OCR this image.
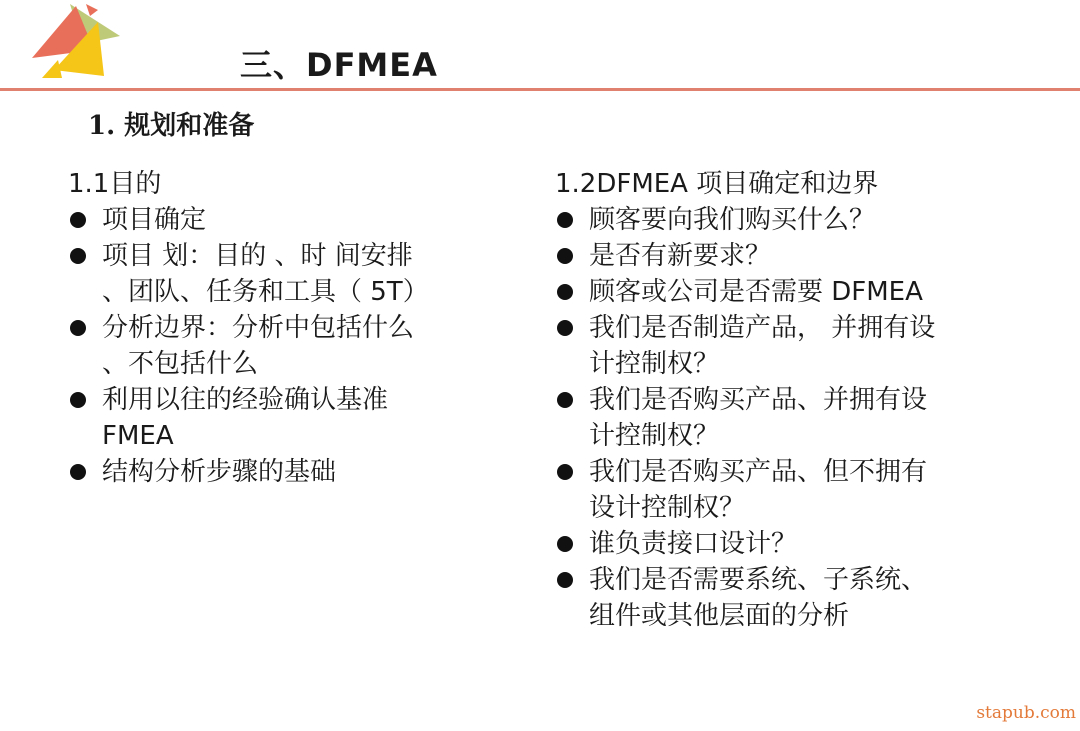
三、DFMEA
1. 规划和准备
1.1目的
项目确定
项目 划：目的 、时 间安排
、团队、任务和工具（ 5T）
分析边界：分析中包括什么
、不包括什么
利用以往的经验确认基准
FMEA
结构分析步骤的基础
1.2DFMEA 项目确定和边界
顾客要向我们购买什么？
是否有新要求？
顾客或公司是否需要 DFMEA
我们是否制造产品， 并拥有设
计控制权？
我们是否购买产品、并拥有设
计控制权？
我们是否购买产品、但不拥有
设计控制权？
谁负责接口设计？
我们是否需要系统、子系统、
组件或其他层面的分析
stapub.com
